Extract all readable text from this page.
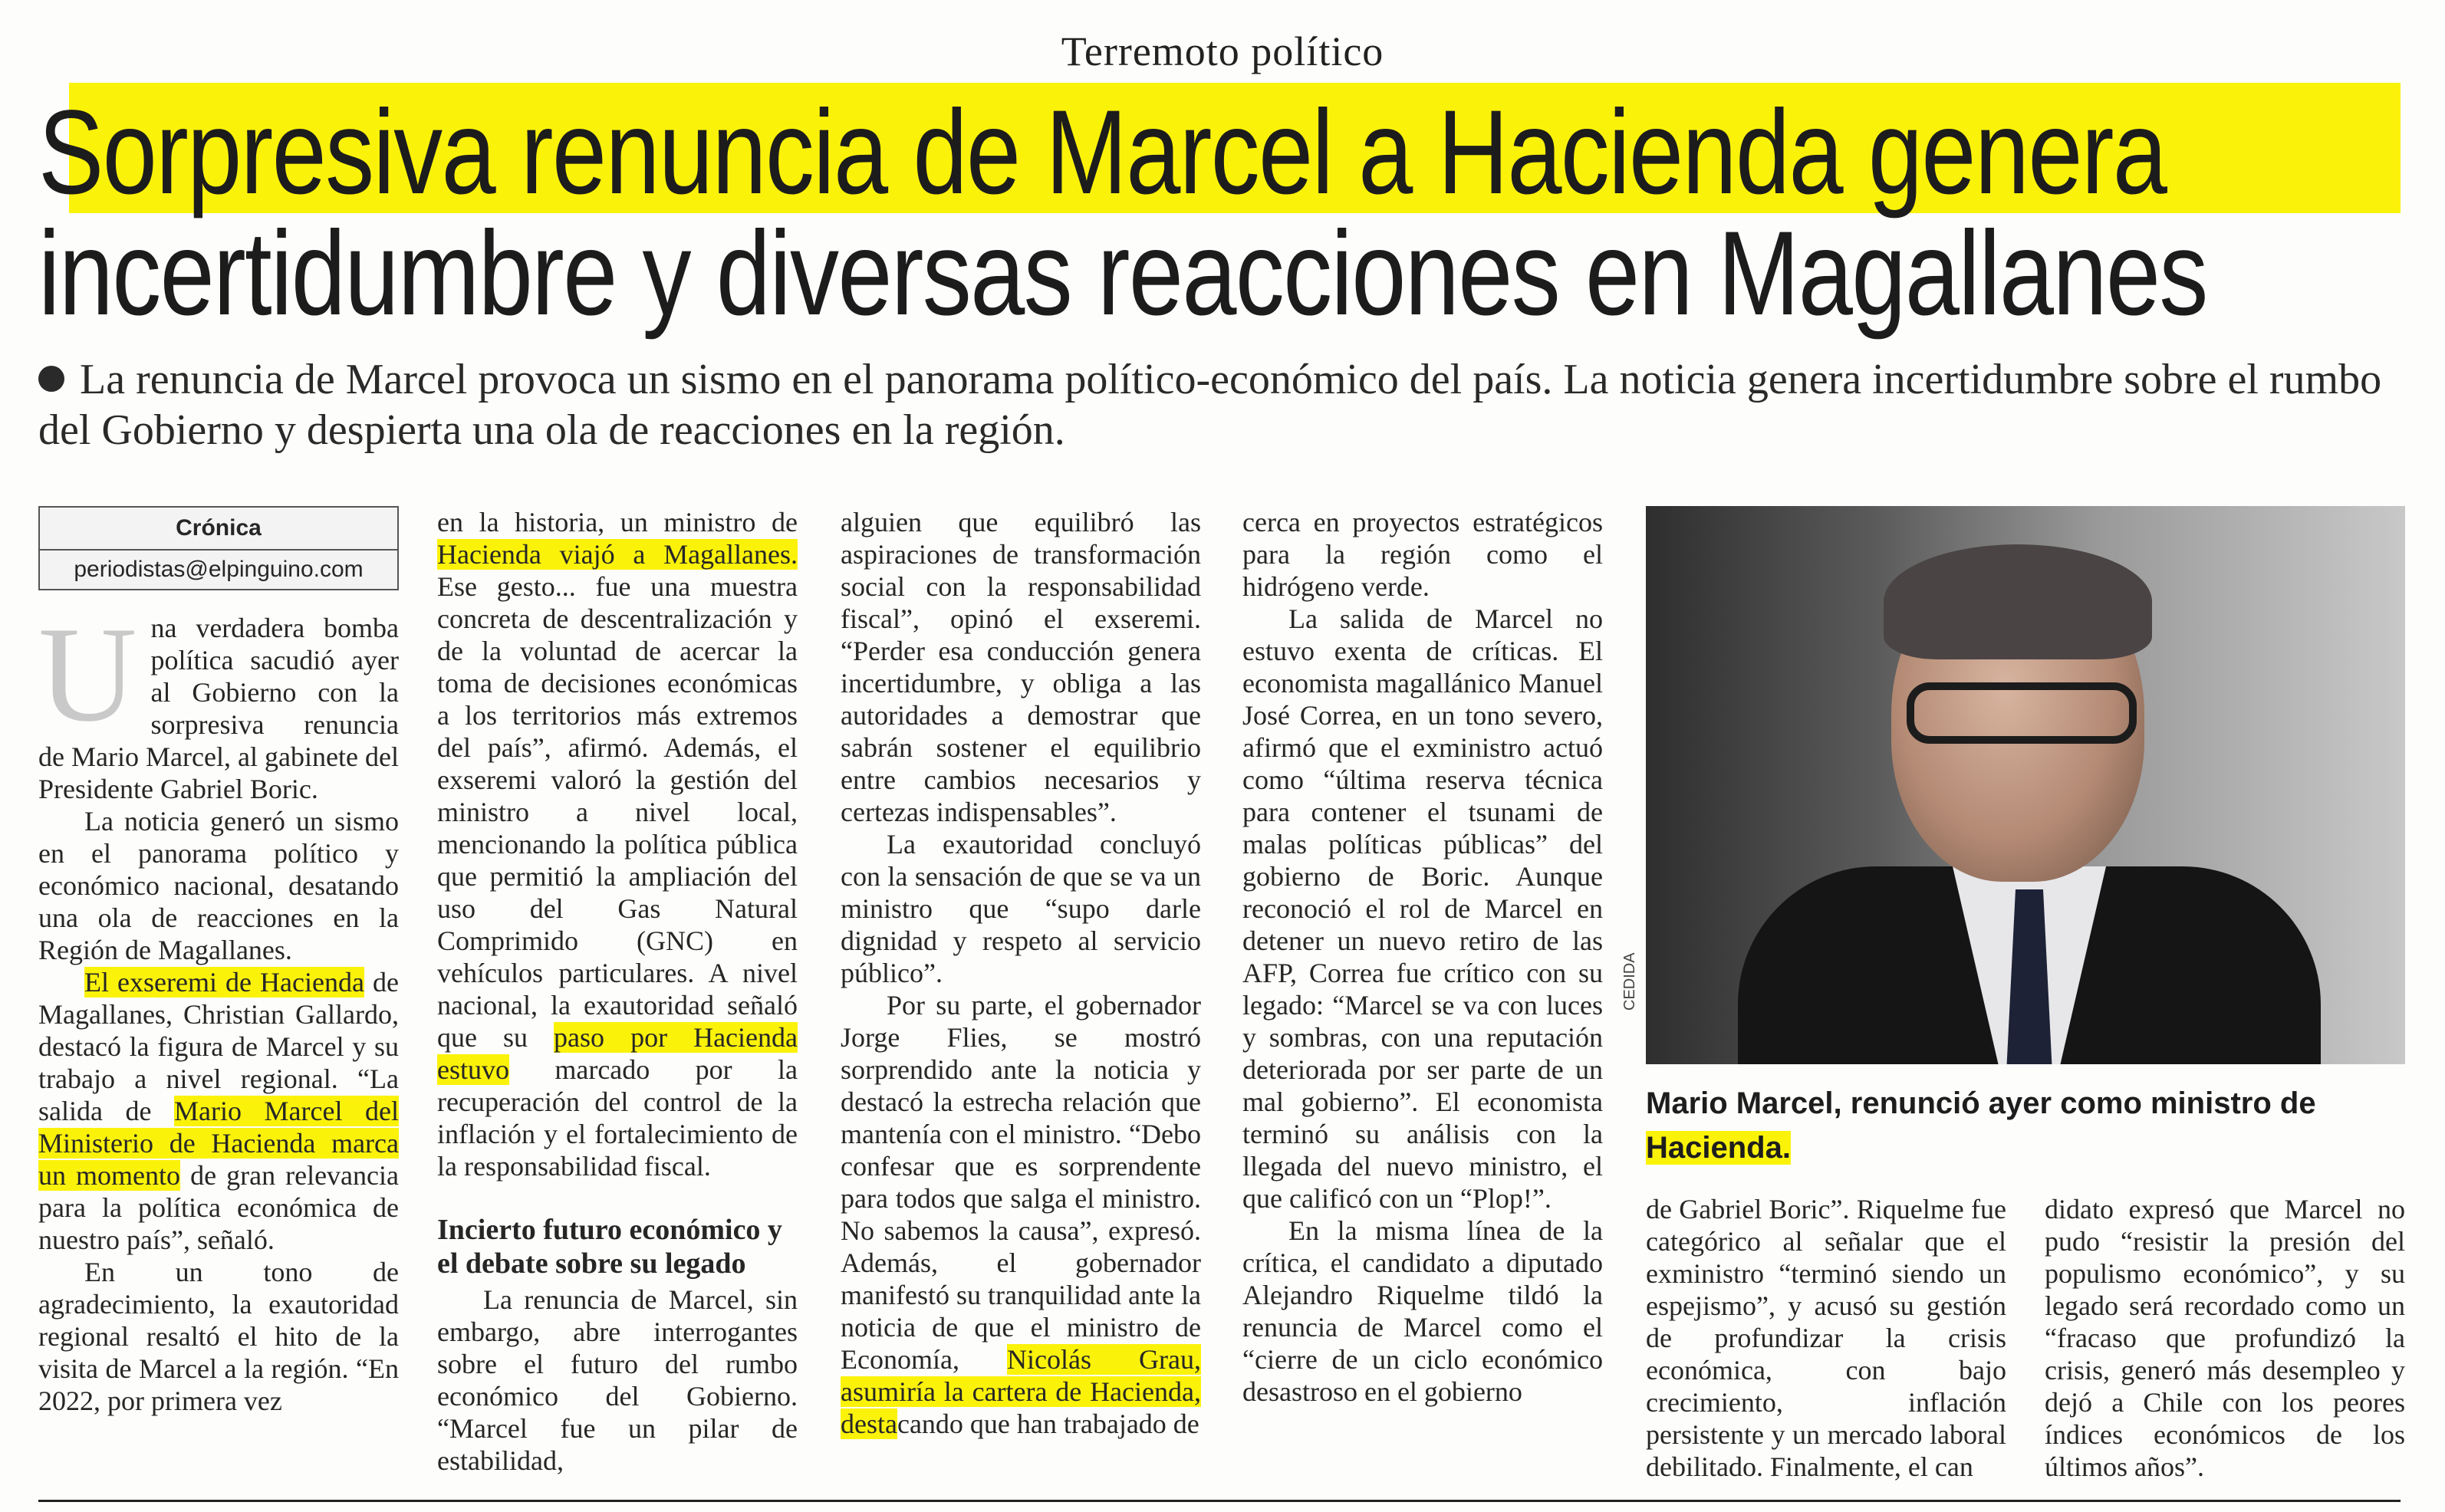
Terremoto político
Sorpresiva renuncia de Marcel a Hacienda genera
incertidumbre y diversas reacciones en Magallanes
La renuncia de Marcel provoca un sismo en el panorama político-económico del país. La noticia genera incertidumbre sobre el rumbo del Gobierno y despierta una ola de reacciones en la región.
Crónica
periodistas@elpinguino.com

Una verdadera bomba política sacudió ayer al Gobierno con la sorpresiva renuncia de Mario Marcel, al gabinete del Presidente Gabriel Boric.

La noticia generó un sismo en el panorama político y económico nacional, desatando una ola de reacciones en la Región de Magallanes.

El exseremi de Hacienda de Magallanes, Christian Gallardo, destacó la figura de Marcel y su trabajo a nivel regional. “La salida de Mario Marcel del Ministerio de Hacienda marca un momento de gran relevancia para la política económica de nuestro país”, señaló.

En un tono de agradecimiento, la exautoridad regional resaltó el hito de la visita de Marcel a la región. “En 2022, por primera vez

en la historia, un ministro de Hacienda viajó a Magallanes. Ese gesto... fue una muestra concreta de descentralización y de la voluntad de acercar la toma de decisiones económicas a los territorios más extremos del país”, afirmó. Además, el exseremi valoró la gestión del ministro a nivel local, mencionando la política pública que permitió la ampliación del uso del Gas Natural Comprimido (GNC) en vehículos particulares. A nivel nacional, la exautoridad señaló que su paso por Hacienda estuvo marcado por la recuperación del control de la inflación y el fortalecimiento de la responsabilidad fiscal.

Incierto futuro económico y el debate sobre su legado

La renuncia de Marcel, sin embargo, abre interrogantes sobre el futuro del rumbo económico del Gobierno. “Marcel fue un pilar de estabilidad,

alguien que equilibró las aspiraciones de transformación social con la responsabilidad fiscal”, opinó el exseremi. “Perder esa conducción genera incertidumbre, y obliga a las autoridades a demostrar que sabrán sostener el equilibrio entre cambios necesarios y certezas indispensables”.

La exautoridad concluyó con la sensación de que se va un ministro que “supo darle dignidad y respeto al servicio público”.

Por su parte, el gobernador Jorge Flies, se mostró sorprendido ante la noticia y destacó la estrecha relación que mantenía con el ministro. “Debo confesar que es sorprendente para todos que salga el ministro. No sabemos la causa”, expresó. Además, el gobernador manifestó su tranquilidad ante la noticia de que el ministro de Economía, Nicolás Grau, asumiría la cartera de Hacienda, destacando que han trabajado de

cerca en proyectos estratégicos para la región como el hidrógeno verde.

La salida de Marcel no estuvo exenta de críticas. El economista magallánico Manuel José Correa, en un tono severo, afirmó que el exministro actuó como “última reserva técnica para contener el tsunami de malas políticas públicas” del gobierno de Boric. Aunque reconoció el rol de Marcel en detener un nuevo retiro de las AFP, Correa fue crítico con su legado: “Marcel se va con luces y sombras, con una reputación deteriorada por ser parte de un mal gobierno”. El economista terminó su análisis con la llegada del nuevo ministro, el que calificó con un “Plop!”.

En la misma línea de la crítica, el candidato a diputado Alejandro Riquelme tildó la renuncia de Marcel como el “cierre de un ciclo económico desastroso en el gobierno

CEDIDA
Mario Marcel, renunció ayer como ministro de Hacienda.

de Gabriel Boric”. Riquelme fue categórico al señalar que el exministro “terminó siendo un espejismo”, y acusó su gestión de profundizar la crisis económica, con bajo crecimiento, inflación persistente y un mercado laboral debilitado. Finalmente, el can

didato expresó que Marcel no pudo “resistir la presión del populismo económico”, y su legado será recordado como un “fracaso que profundizó la crisis, generó más desempleo y dejó a Chile con los peores índices económicos de los últimos años”.
